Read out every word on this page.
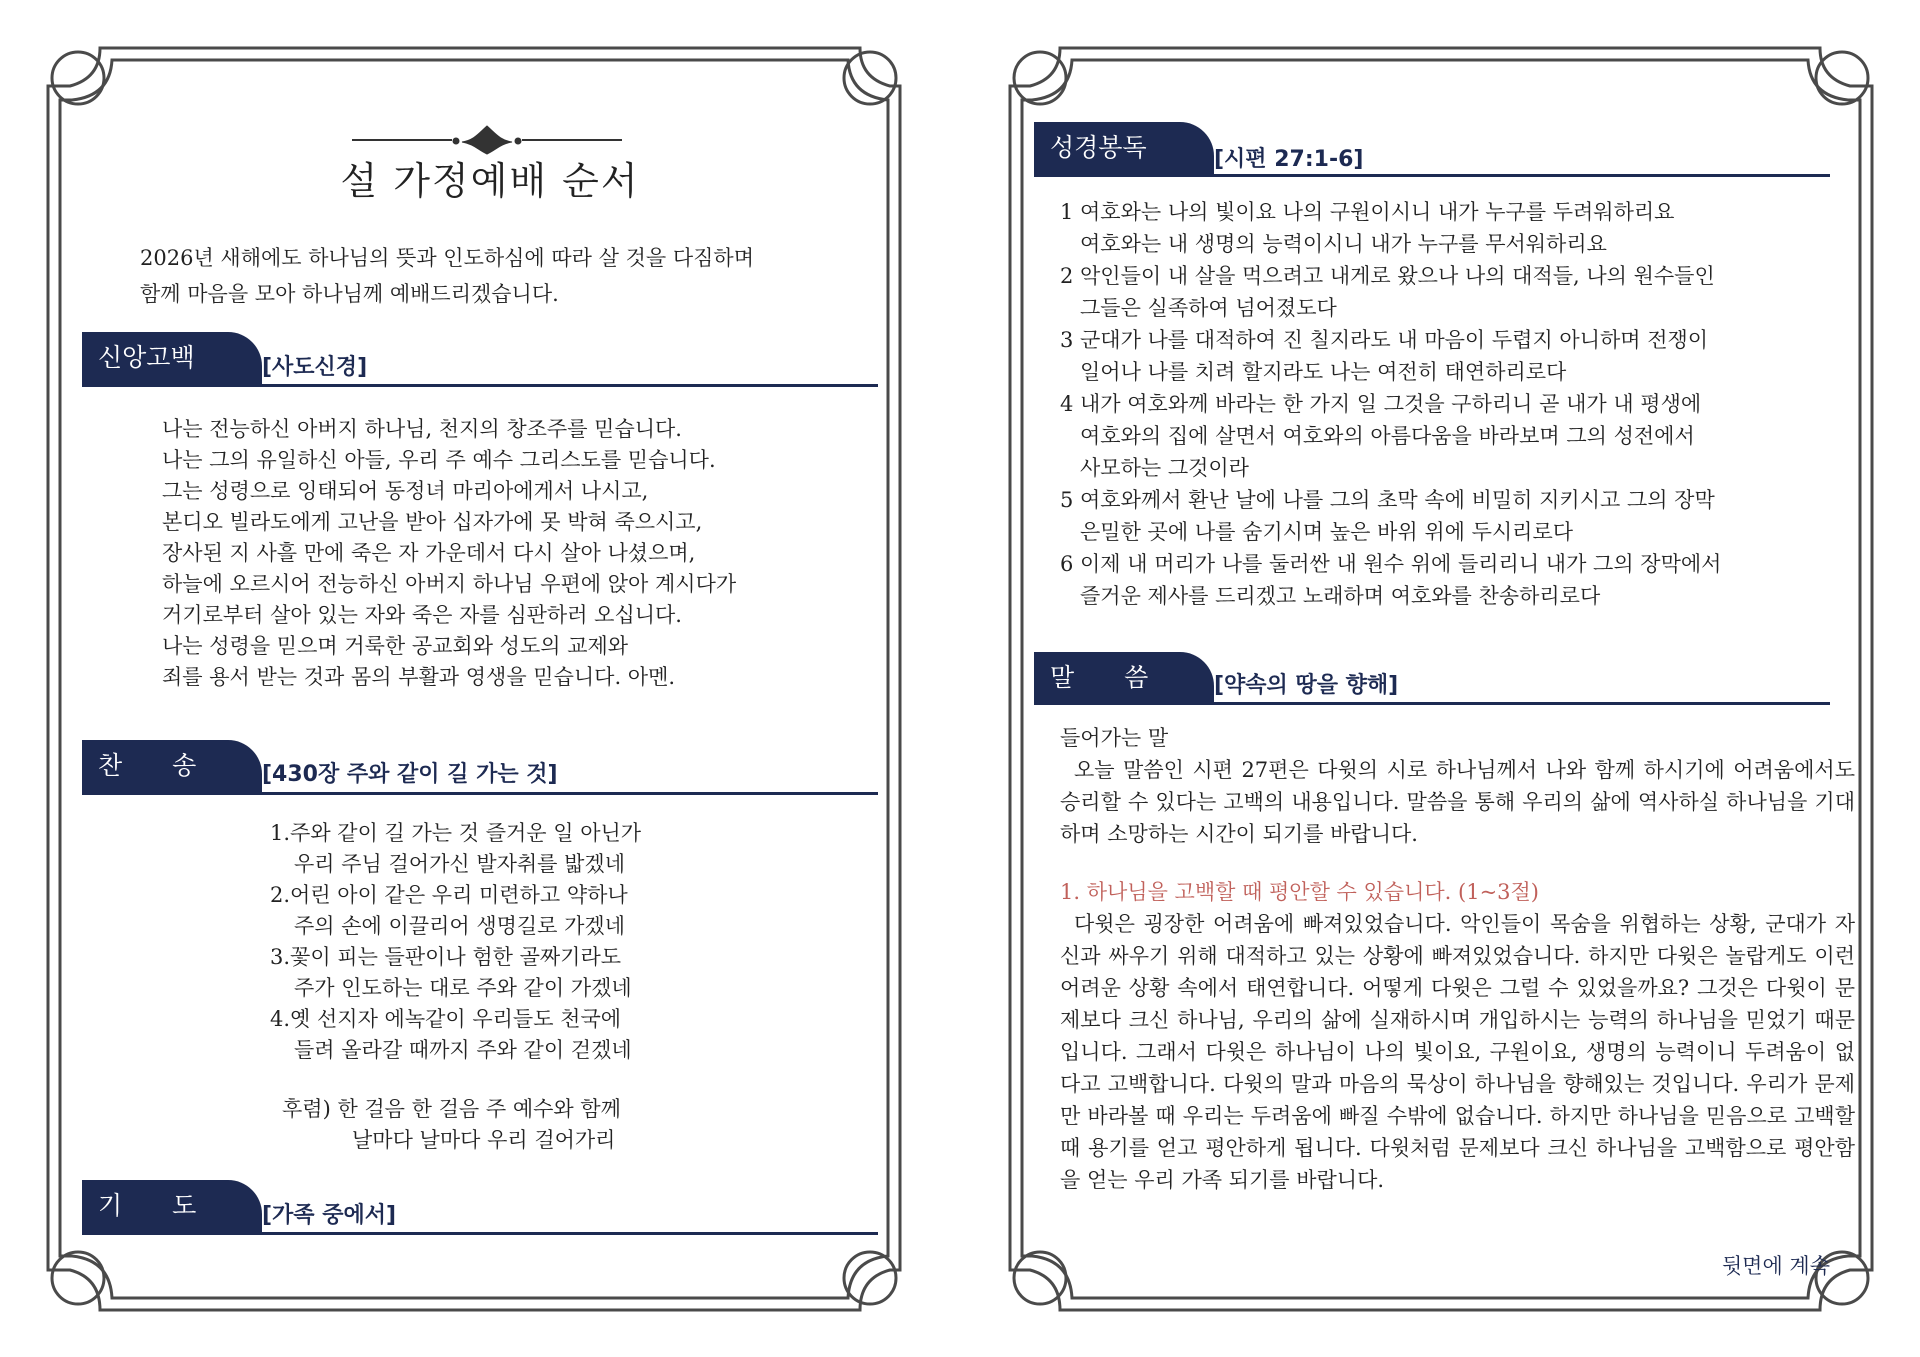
설 가정예배 순서
2026년 새해에도 하나님의 뜻과 인도하심에 따라 살 것을 다짐하며
함께 마음을 모아 하나님께 예배드리겠습니다.
신앙고백	[사도신경]
나는 전능하신 아버지 하나님, 천지의 창조주를 믿습니다.
나는 그의 유일하신 아들, 우리 주 예수 그리스도를 믿습니다.
그는 성령으로 잉태되어 동정녀 마리아에게서 나시고,
본디오 빌라도에게 고난을 받아 십자가에 못 박혀 죽으시고,
장사된 지 사흘 만에 죽은 자 가운데서 다시 살아 나셨으며,
하늘에 오르시어 전능하신 아버지 하나님 우편에 앉아 계시다가
거기로부터 살아 있는 자와 죽은 자를 심판하러 오십니다.
나는 성령을 믿으며 거룩한 공교회와 성도의 교제와
죄를 용서 받는 것과 몸의 부활과 영생을 믿습니다. 아멘.
찬　　송	[430장 주와 같이 길 가는 것]
1.주와 같이 길 가는 것 즐거운 일 아닌가
우리 주님 걸어가신 발자취를 밟겠네
2.어린 아이 같은 우리 미련하고 약하나
주의 손에 이끌리어 생명길로 가겠네
3.꽃이 피는 들판이나 험한 골짜기라도
주가 인도하는 대로 주와 같이 가겠네
4.옛 선지자 에녹같이 우리들도 천국에
들려 올라갈 때까지 주와 같이 걷겠네
후렴) 한 걸음 한 걸음 주 예수와 함께
날마다 날마다 우리 걸어가리
기　　도	[가족 중에서]
성경봉독	[시편 27:1-6]
1 여호와는 나의 빛이요 나의 구원이시니 내가 누구를 두려워하리요
여호와는 내 생명의 능력이시니 내가 누구를 무서워하리요
2 악인들이 내 살을 먹으려고 내게로 왔으나 나의 대적들, 나의 원수들인
그들은 실족하여 넘어졌도다
3 군대가 나를 대적하여 진 칠지라도 내 마음이 두렵지 아니하며 전쟁이
일어나 나를 치려 할지라도 나는 여전히 태연하리로다
4 내가 여호와께 바라는 한 가지 일 그것을 구하리니 곧 내가 내 평생에
여호와의 집에 살면서 여호와의 아름다움을 바라보며 그의 성전에서
사모하는 그것이라
5 여호와께서 환난 날에 나를 그의 초막 속에 비밀히 지키시고 그의 장막
은밀한 곳에 나를 숨기시며 높은 바위 위에 두시리로다
6 이제 내 머리가 나를 둘러싼 내 원수 위에 들리리니 내가 그의 장막에서
즐거운 제사를 드리겠고 노래하며 여호와를 찬송하리로다
말　　씀	[약속의 땅을 향해]
들어가는 말
오늘 말씀인 시편 27편은 다윗의 시로 하나님께서 나와 함께 하시기에 어려움에서도 승리할 수 있다는 고백의 내용입니다. 말씀을 통해 우리의 삶에 역사하실 하나님을 기대하며 소망하는 시간이 되기를 바랍니다.
1. 하나님을 고백할 때 평안할 수 있습니다. (1~3절)
다윗은 굉장한 어려움에 빠져있었습니다. 악인들이 목숨을 위협하는 상황, 군대가 자신과 싸우기 위해 대적하고 있는 상황에 빠져있었습니다. 하지만 다윗은 놀랍게도 이런 어려운 상황 속에서 태연합니다. 어떻게 다윗은 그럴 수 있었을까요? 그것은 다윗이 문제보다 크신 하나님, 우리의 삶에 실재하시며 개입하시는 능력의 하나님을 믿었기 때문입니다. 그래서 다윗은 하나님이 나의 빛이요, 구원이요, 생명의 능력이니 두려움이 없다고 고백합니다. 다윗의 말과 마음의 묵상이 하나님을 향해있는 것입니다. 우리가 문제만 바라볼 때 우리는 두려움에 빠질 수밖에 없습니다. 하지만 하나님을 믿음으로 고백할 때 용기를 얻고 평안하게 됩니다. 다윗처럼 문제보다 크신 하나님을 고백함으로 평안함을 얻는 우리 가족 되기를 바랍니다.
뒷면에 계속
